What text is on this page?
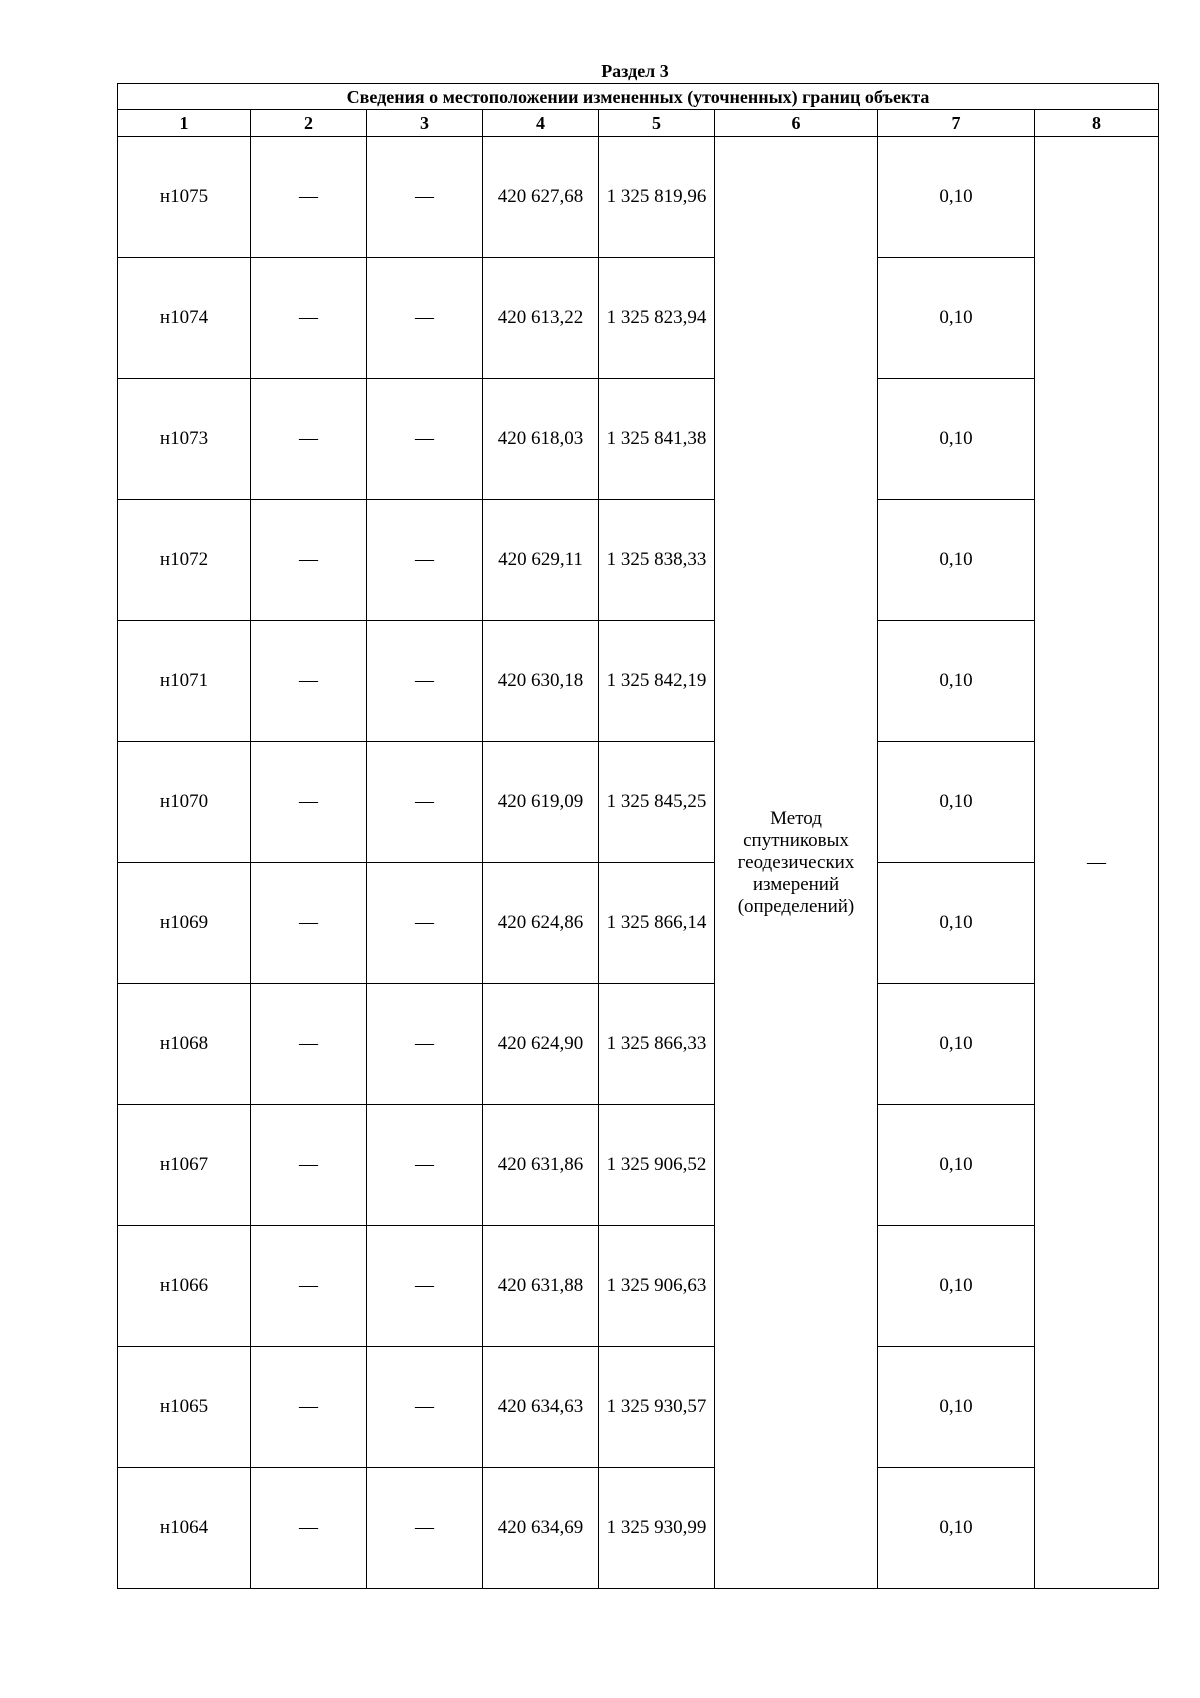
Раздел 3
Сведения о местоположении измененных (уточненных) границ объекта							
1	2	3	4	5	6	7	8
н1075	—	—	420 627,68	1 325 819,96	Метод спутниковых геодезических измерений (определений)	0,10	—
н1074	—	—	420 613,22	1 325 823,94		0,10	
н1073	—	—	420 618,03	1 325 841,38		0,10	
н1072	—	—	420 629,11	1 325 838,33		0,10	
н1071	—	—	420 630,18	1 325 842,19		0,10	
н1070	—	—	420 619,09	1 325 845,25		0,10	
н1069	—	—	420 624,86	1 325 866,14		0,10	
н1068	—	—	420 624,90	1 325 866,33		0,10	
н1067	—	—	420 631,86	1 325 906,52		0,10	
н1066	—	—	420 631,88	1 325 906,63		0,10	
н1065	—	—	420 634,63	1 325 930,57		0,10	
н1064	—	—	420 634,69	1 325 930,99		0,10	
